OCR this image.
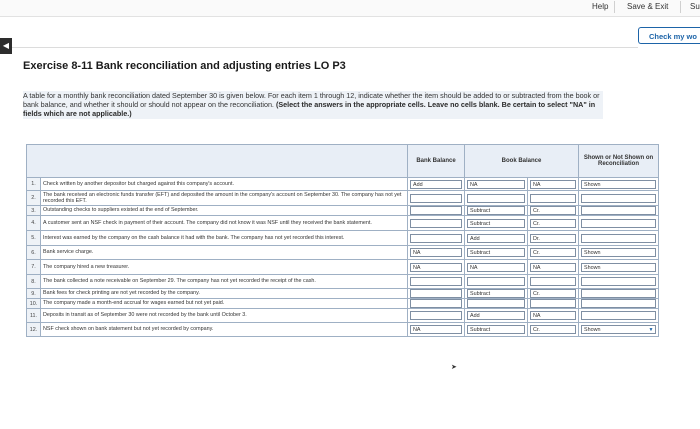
Help Save & Exit	Su
Check my wo
◀
Exercise 8-11 Bank reconciliation and adjusting entries LO P3
A table for a monthly bank reconciliation dated September 30 is given below. For each item 1 through 12, indicate whether the item should be added to or subtracted from the book or bank balance, and whether it should or should not appear on the reconciliation. (Select the answers in the appropriate cells. Leave no cells blank. Be certain to select "NA" in fields which are not applicable.)
		Bank Balance	Book Balance		Shown or Not Shown on Reconciliation
1.	Check written by another depositor but charged against this company's account.	Add	NA	NA	Shown

2.	The bank received an electronic funds transfer (EFT) and deposited the amount in the company's account on September 30. The company has not yet recorded this EFT.	

3.	Outstanding checks to suppliers existed at the end of September.		Subtract	Cr.	

4.	A customer sent an NSF check in payment of their account. The company did not know it was NSF until they received the bank statement.		Subtract	Cr.	

5.	Interest was earned by the company on the cash balance it had with the bank. The company has not yet recorded this interest.		Add	Dr.	

6.	Bank service charge.	NA	Subtract	Cr.	Shown

7.	The company hired a new treasurer.	NA	NA	NA	Shown

8.	The bank collected a note receivable on September 29. The company has not yet recorded the receipt of the cash.	

9.	Bank fees for check printing are not yet recorded by the company.		Subtract	Cr.	

10.	The company made a month-end accrual for wages earned but not yet paid.	

11.	Deposits in transit as of September 30 were not recorded by the bank until October 3.		Add	NA	

12.	NSF check shown on bank statement but not yet recorded by company.	NA	Subtract	Cr.	Shown ▼

➤
